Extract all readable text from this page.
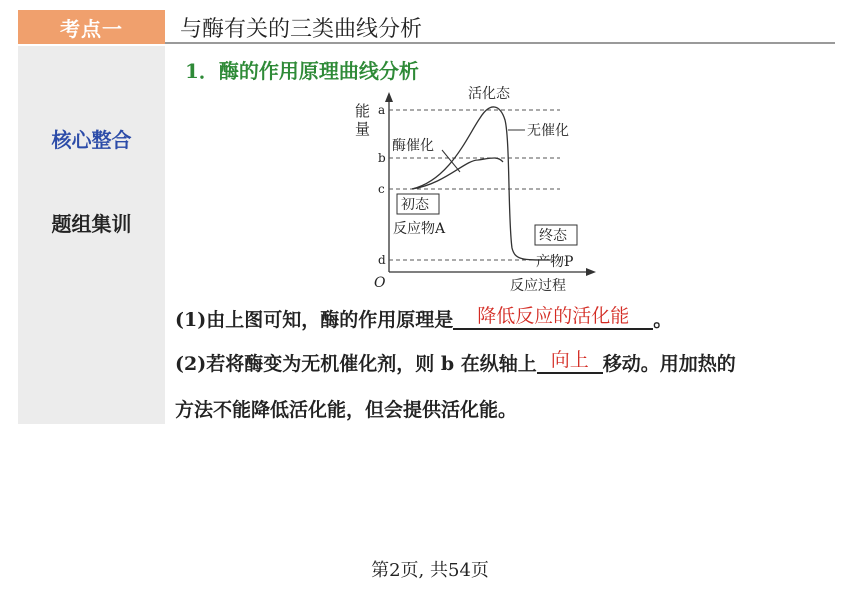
考点一	与酶有关的三类曲线分析
核心整合
题组集训
1．酶的作用原理曲线分析
a
b
c
d
能
量
O
活化态
无催化
酶催化
初态
反应物A	终态
产物P
反应过程
(1)由上图可知，酶的作用原理是 降低反应的活化能 。
(2)若将酶变为无机催化剂，则 b 在纵轴上 向上 移动。用加热的
方法不能降低活化能，但会提供活化能。
第2页, 共54页
